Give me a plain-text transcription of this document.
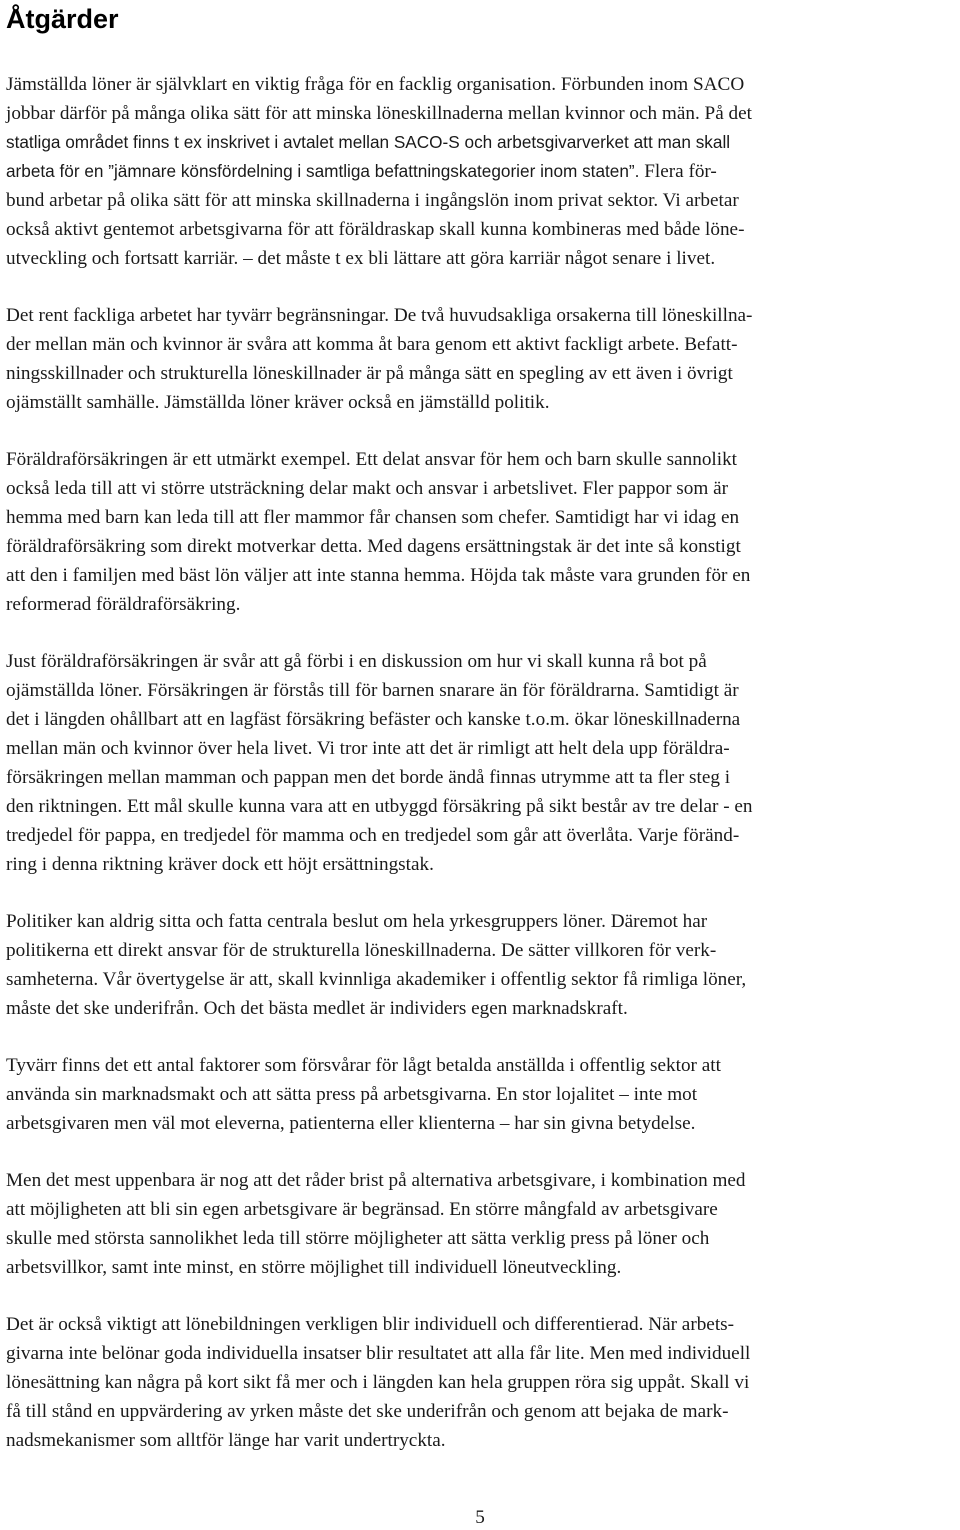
Åtgärder

Jämställda löner är självklart en viktig fråga för en facklig organisation. Förbunden inom SACO
jobbar därför på många olika sätt för att minska löneskillnaderna mellan kvinnor och män. På det
statliga området finns t ex inskrivet i avtalet mellan SACO-S och arbetsgivarverket att man skall
arbeta för en ”jämnare könsfördelning i samtliga befattningskategorier inom staten”. Flera för-
bund arbetar på olika sätt för att minska skillnaderna i ingångslön inom privat sektor. Vi arbetar
också aktivt gentemot arbetsgivarna för att föräldraskap skall kunna kombineras med både löne-
utveckling och fortsatt karriär. – det måste t ex bli lättare att göra karriär något senare i livet.

Det rent fackliga arbetet har tyvärr begränsningar. De två huvudsakliga orsakerna till löneskillna-
der mellan män och kvinnor är svåra att komma åt bara genom ett aktivt fackligt arbete. Befatt-
ningsskillnader och strukturella löneskillnader är på många sätt en spegling av ett även i övrigt
ojämställt samhälle. Jämställda löner kräver också en jämställd politik.

Föräldraförsäkringen är ett utmärkt exempel. Ett delat ansvar för hem och barn skulle sannolikt
också leda till att vi större utsträckning delar makt och ansvar i arbetslivet. Fler pappor som är
hemma med barn kan leda till att fler mammor får chansen som chefer. Samtidigt har vi idag en
föräldraförsäkring som direkt motverkar detta. Med dagens ersättningstak är det inte så konstigt
att den i familjen med bäst lön väljer att inte stanna hemma. Höjda tak måste vara grunden för en
reformerad föräldraförsäkring.

Just föräldraförsäkringen är svår att gå förbi i en diskussion om hur vi skall kunna rå bot på
ojämställda löner. Försäkringen är förstås till för barnen snarare än för föräldrarna. Samtidigt är
det i längden ohållbart att en lagfäst försäkring befäster och kanske t.o.m. ökar löneskillnaderna
mellan män och kvinnor över hela livet. Vi tror inte att det är rimligt att helt dela upp föräldra-
försäkringen mellan mamman och pappan men det borde ändå finnas utrymme att ta fler steg i
den riktningen. Ett mål skulle kunna vara att en utbyggd försäkring på sikt består av tre delar - en
tredjedel för pappa, en tredjedel för mamma och en tredjedel som går att överlåta. Varje föränd-
ring i denna riktning kräver dock ett höjt ersättningstak.

Politiker kan aldrig sitta och fatta centrala beslut om hela yrkesgruppers löner. Däremot har
politikerna ett direkt ansvar för de strukturella löneskillnaderna. De sätter villkoren för verk-
samheterna. Vår övertygelse är att, skall kvinnliga akademiker i offentlig sektor få rimliga löner,
måste det ske underifrån. Och det bästa medlet är individers egen marknadskraft.

Tyvärr finns det ett antal faktorer som försvårar för lågt betalda anställda i offentlig sektor att
använda sin marknadsmakt och att sätta press på arbetsgivarna. En stor lojalitet – inte mot
arbetsgivaren men väl mot eleverna, patienterna eller klienterna – har sin givna betydelse.

Men det mest uppenbara är nog att det råder brist på alternativa arbetsgivare, i kombination med
att möjligheten att bli sin egen arbetsgivare är begränsad. En större mångfald av arbetsgivare
skulle med största sannolikhet leda till större möjligheter att sätta verklig press på löner och
arbetsvillkor, samt inte minst, en större möjlighet till individuell löneutveckling.

Det är också viktigt att lönebildningen verkligen blir individuell och differentierad. När arbets-
givarna inte belönar goda individuella insatser blir resultatet att alla får lite. Men med individuell
lönesättning kan några på kort sikt få mer och i längden kan hela gruppen röra sig uppåt. Skall vi
få till stånd en uppvärdering av yrken måste det ske underifrån och genom att bejaka de mark-
nadsmekanismer som alltför länge har varit undertryckta.

5
